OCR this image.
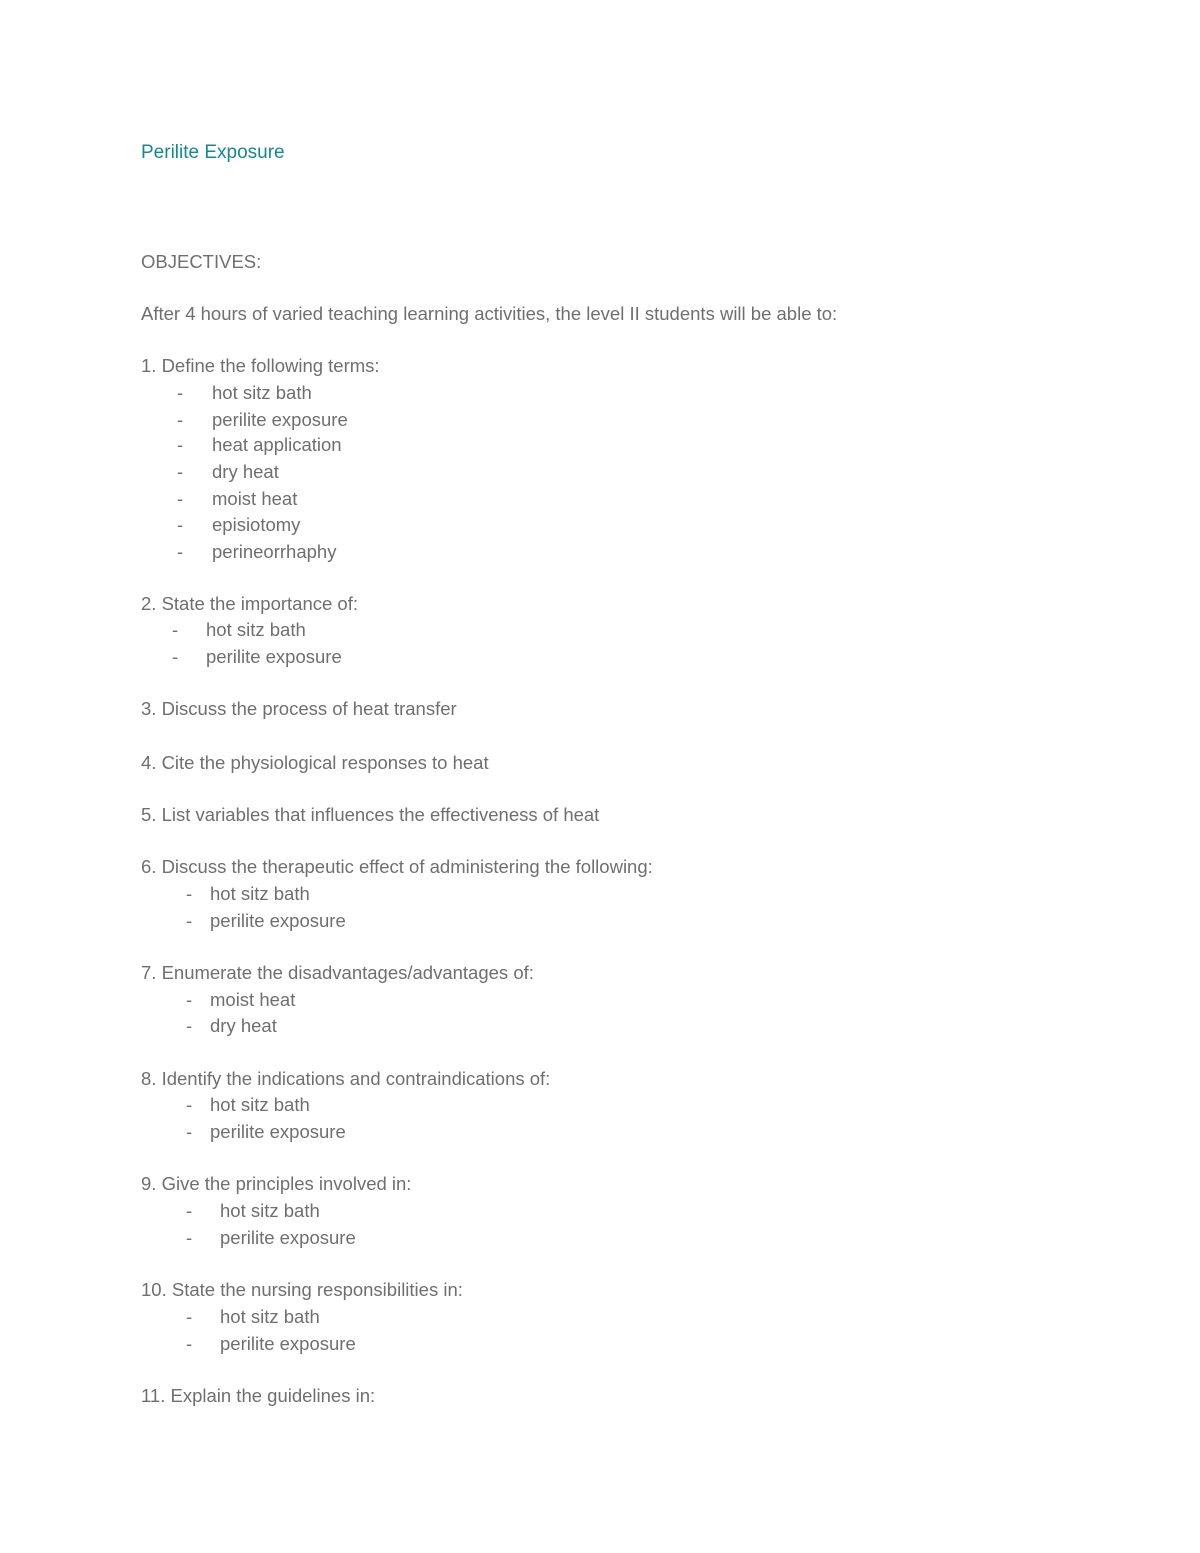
Perilite Exposure
OBJECTIVES:
After 4 hours of varied teaching learning activities, the level II students will be able to:
1. Define the following terms:
- hot sitz bath
- perilite exposure
- heat application
- dry heat
- moist heat
- episiotomy
- perineorrhaphy
2. State the importance of:
- hot sitz bath
- perilite exposure
3. Discuss the process of heat transfer
4. Cite the physiological responses to heat
5. List variables that influences the effectiveness of heat
6. Discuss the therapeutic effect of administering the following:
- hot sitz bath
- perilite exposure
7. Enumerate the disadvantages/advantages of:
- moist heat
- dry heat
8. Identify the indications and contraindications of:
- hot sitz bath
- perilite exposure
9. Give the principles involved in:
- hot sitz bath
- perilite exposure
10. State the nursing responsibilities in:
- hot sitz bath
- perilite exposure
11. Explain the guidelines in:
